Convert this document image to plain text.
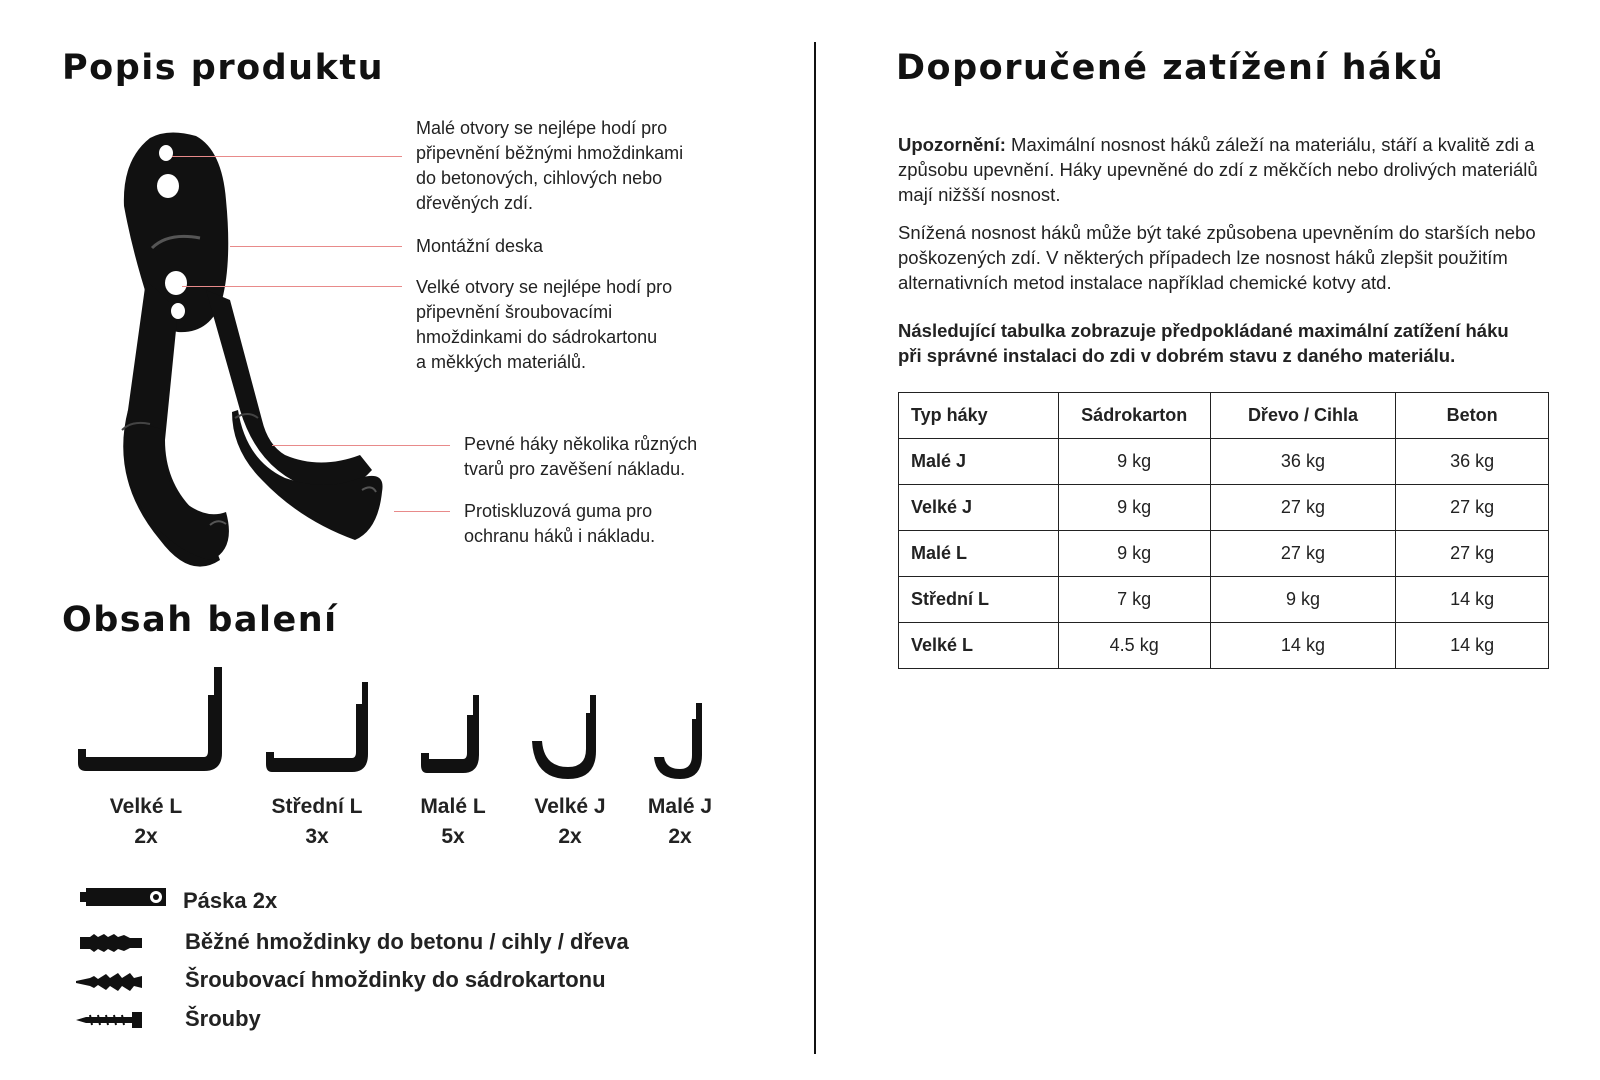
Popis produktu
Malé otvory se nejlépe hodí pro
připevnění běžnými hmoždinkami
do betonových, cihlových nebo
dřevěných zdí.
Montážní deska
Velké otvory se nejlépe hodí pro
připevnění šroubovacími
hmoždinkami do sádrokartonu
a měkkých materiálů.
Pevné háky několika různých
tvarů pro zavěšení nákladu.
Protiskluzová guma pro
ochranu háků i nákladu.
Obsah balení
Velké L
2x
Střední L
3x
Malé L
5x
Velké J
2x
Malé J
2x
Páska 2x
Běžné hmoždinky do betonu / cihly / dřeva
Šroubovací hmoždinky do sádrokartonu
Šrouby
Doporučené zatížení háků

Upozornění: Maximální nosnost háků záleží na materiálu, stáří a kvalitě zdi a způsobu upevnění. Háky upevněné do zdí z měkčích nebo drolivých materiálů mají nižšší nosnost.

Snížená nosnost háků může být také způsobena upevněním do starších nebo poškozených zdí. V některých případech lze nosnost háků zlepšit použitím alternativních metod instalace například chemické kotvy atd.

Následující tabulka zobrazuje předpokládané maximální zatížení háku při správné instalaci do zdi v dobrém stavu z daného materiálu.

Typ háky	Sádrokarton	Dřevo / Cihla	Beton
Malé J	9 kg	36 kg	36 kg
Velké J	9 kg	27 kg	27 kg
Malé L	9 kg	27 kg	27 kg
Střední L	7 kg	9 kg	14 kg
Velké L	4.5 kg	14 kg	14 kg
